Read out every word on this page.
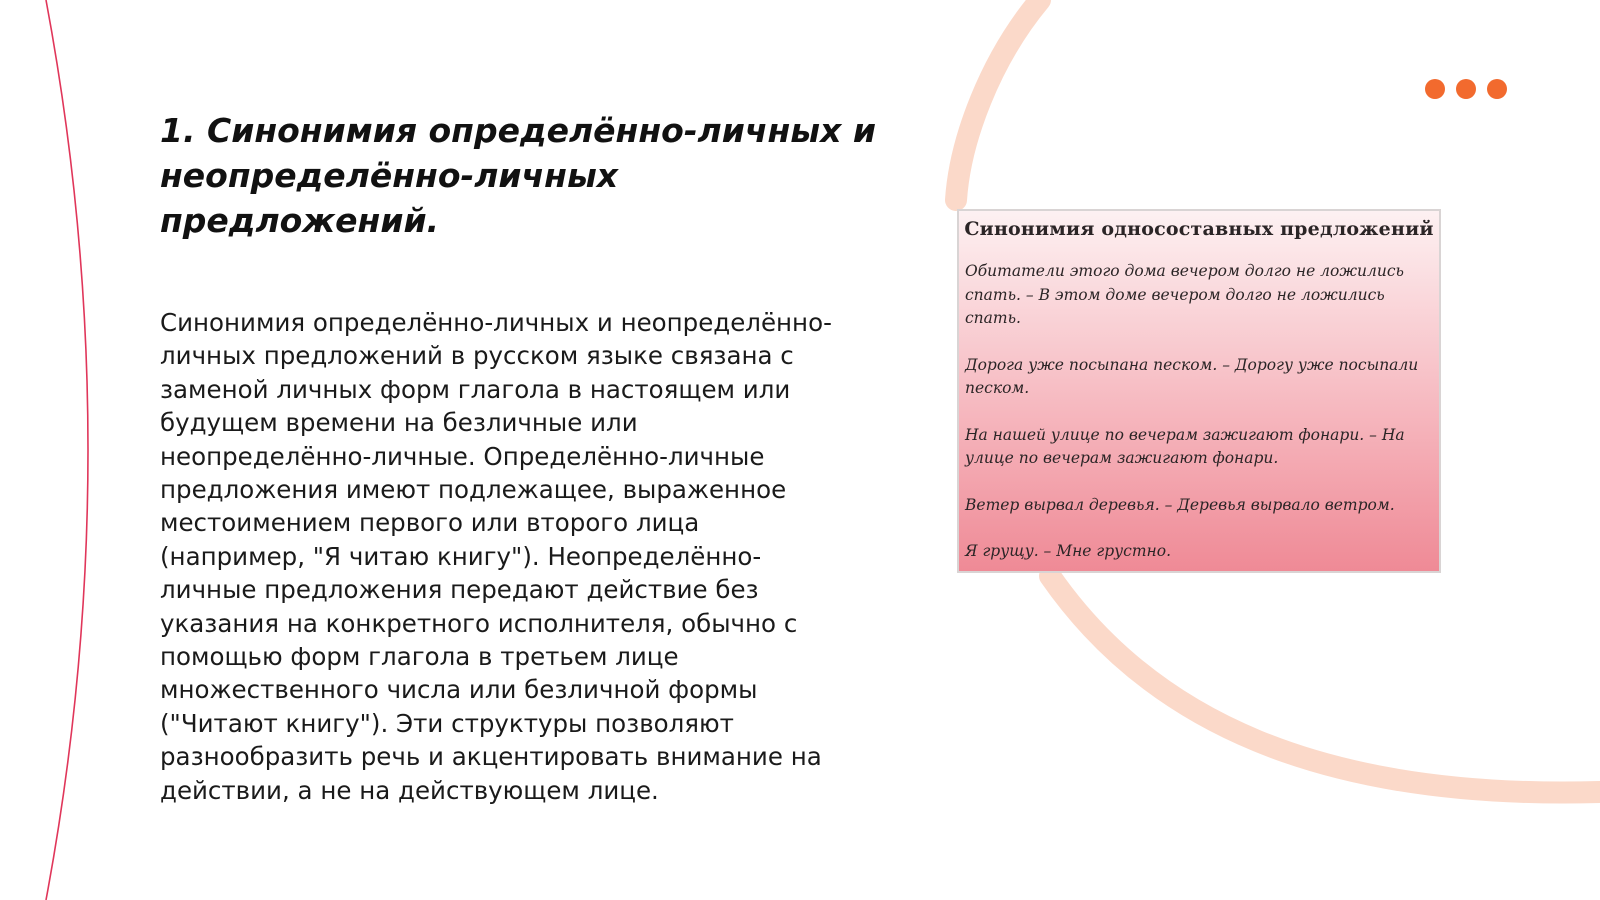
1. Синонимия определённо-личных и неопределённо-личных предложений.

Синонимия определённо-личных и неопределённо-личных предложений в русском языке связана с заменой личных форм глагола в настоящем или будущем времени на безличные или неопределённо-личные. Определённо-личные предложения имеют подлежащее, выраженное местоимением первого или второго лица (например, "Я читаю книгу"). Неопределённо-личные предложения передают действие без указания на конкретного исполнителя, обычно с помощью форм глагола в третьем лице множественного числа или безличной формы ("Читают книгу"). Эти структуры позволяют разнообразить речь и акцентировать внимание на действии, а не на действующем лице.

Синонимия односоставных предложений

Обитатели этого дома вечером долго не ложились спать. – В этом доме вечером долго не ложились спать.

Дорога уже посыпана песком. – Дорогу уже посыпали песком.

На нашей улице по вечерам зажигают фонари. – На улице по вечерам зажигают фонари.

Ветер вырвал деревья. – Деревья вырвало ветром.

Я грущу. – Мне грустно.
